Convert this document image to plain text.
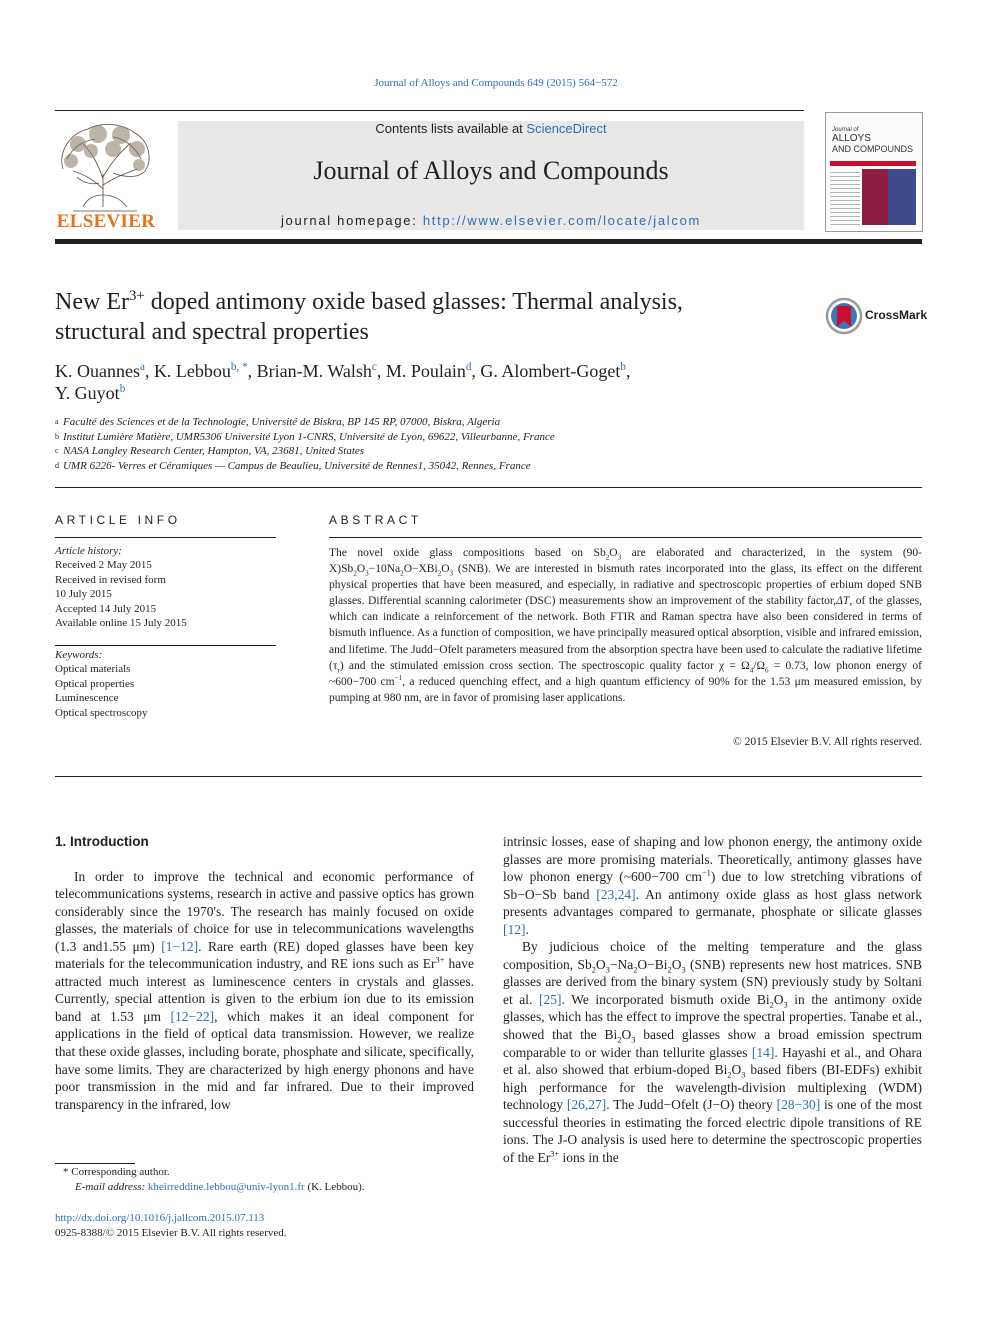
Journal of Alloys and Compounds 649 (2015) 564−572
ELSEVIER
Contents lists available at ScienceDirect
Journal of Alloys and Compounds
journal homepage: http://www.elsevier.com/locate/jalcom
Journal of
ALLOYS
AND COMPOUNDS
New $Er^{3+}$ doped antimony oxide based glasses: Thermal analysis,
structural and spectral properties
CrossMark
K. Ouannes$^a$, K. Lebbou$^{b, *}$, Brian-M. Walsh$^c$, M. Poulain$^d$, G. Alombert-Goget$^b$,
Y. Guyot$^b$
a Faculté des Sciences et de la Technologie, Université de Biskra, BP 145 RP, 07000, Biskra, Algeria
b Institut Lumière Matière, UMR5306 Université Lyon 1-CNRS, Université de Lyon, 69622, Villeurbanne, France
c NASA Langley Research Center, Hampton, VA, 23681, United States
d UMR 6226- Verres et Céramiques — Campus de Beaulieu, Université de Rennes1, 35042, Rennes, France
ARTICLE INFO	ABSTRACT
Article history:
Received 2 May 2015
Received in revised form
10 July 2015
Accepted 14 July 2015
Available online 15 July 2015
Keywords:
Optical materials
Optical properties
Luminescence
Optical spectroscopy
The novel oxide glass compositions based on $Sb_2O_3$ are elaborated and characterized, in the system $(90-X)Sb_2O_3-10Na_2O-XBi_2O_3$ (SNB). We are interested in bismuth rates incorporated into the glass, its effect on the different physical properties that have been measured, and especially, in radiative and spectroscopic properties of erbium doped SNB glasses. Differential scanning calorimeter (DSC) measurements show an improvement of the stability factor,ΔT, of the glasses, which can indicate a reinforcement of the network. Both FTIR and Raman spectra have also been considered in terms of bismuth influence. As a function of composition, we have principally measured optical absorption, visible and infrared emission, and lifetime. The Judd−Ofelt parameters measured from the absorption spectra have been used to calculate the radiative lifetime $(\tau_r)$ and the stimulated emission cross section. The spectroscopic quality factor $\chi = \Omega_4/\Omega_6 = 0.73$, low phonon energy of ~600−700 $cm^{-1}$, a reduced quenching effect, and a high quantum efficiency of 90% for the 1.53 μm measured emission, by pumping at 980 nm, are in favor of promising laser applications.
© 2015 Elsevier B.V. All rights reserved.
1. Introduction

In order to improve the technical and economic performance of telecommunications systems, research in active and passive optics has grown considerably since the 1970's. The research has mainly focused on oxide glasses, the materials of choice for use in telecommunications wavelengths (1.3 and1.55 μm) [1−12]. Rare earth (RE) doped glasses have been key materials for the telecommunication industry, and RE ions such as $Er^{3+}$ have attracted much interest as luminescence centers in crystals and glasses. Currently, special attention is given to the erbium ion due to its emission band at 1.53 μm [12−22], which makes it an ideal component for applications in the field of optical data transmission. However, we realize that these oxide glasses, including borate, phosphate and silicate, specifically, have some limits. They are characterized by high energy phonons and have poor transmission in the mid and far infrared. Due to their improved transparency in the infrared, low

intrinsic losses, ease of shaping and low phonon energy, the antimony oxide glasses are more promising materials. Theoretically, antimony glasses have low phonon energy (~600−700 $cm^{-1}$) due to low stretching vibrations of Sb−O−Sb band [23,24]. An antimony oxide glass as host glass network presents advantages compared to germanate, phosphate or silicate glasses [12].

By judicious choice of the melting temperature and the glass composition, $Sb_2O_3-Na_2O-Bi_2O_3$ (SNB) represents new host matrices. SNB glasses are derived from the binary system (SN) previously study by Soltani et al. [25]. We incorporated bismuth oxide $Bi_2O_3$ in the antimony oxide glasses, which has the effect to improve the spectral properties. Tanabe et al., showed that the $Bi_2O_3$ based glasses show a broad emission spectrum comparable to or wider than tellurite glasses [14]. Hayashi et al., and Ohara et al. also showed that erbium-doped $Bi_2O_3$ based fibers (BI-EDFs) exhibit high performance for the wavelength-division multiplexing (WDM) technology [26,27]. The Judd−Ofelt (J−O) theory [28−30] is one of the most successful theories in estimating the forced electric dipole transitions of RE ions. The J-O analysis is used here to determine the spectroscopic properties of the $Er^{3+}$ ions in the

* Corresponding author.
E-mail address: kheirreddine.lebbou@univ-lyon1.fr (K. Lebbou).
http://dx.doi.org/10.1016/j.jallcom.2015.07.113
0925-8388/© 2015 Elsevier B.V. All rights reserved.
